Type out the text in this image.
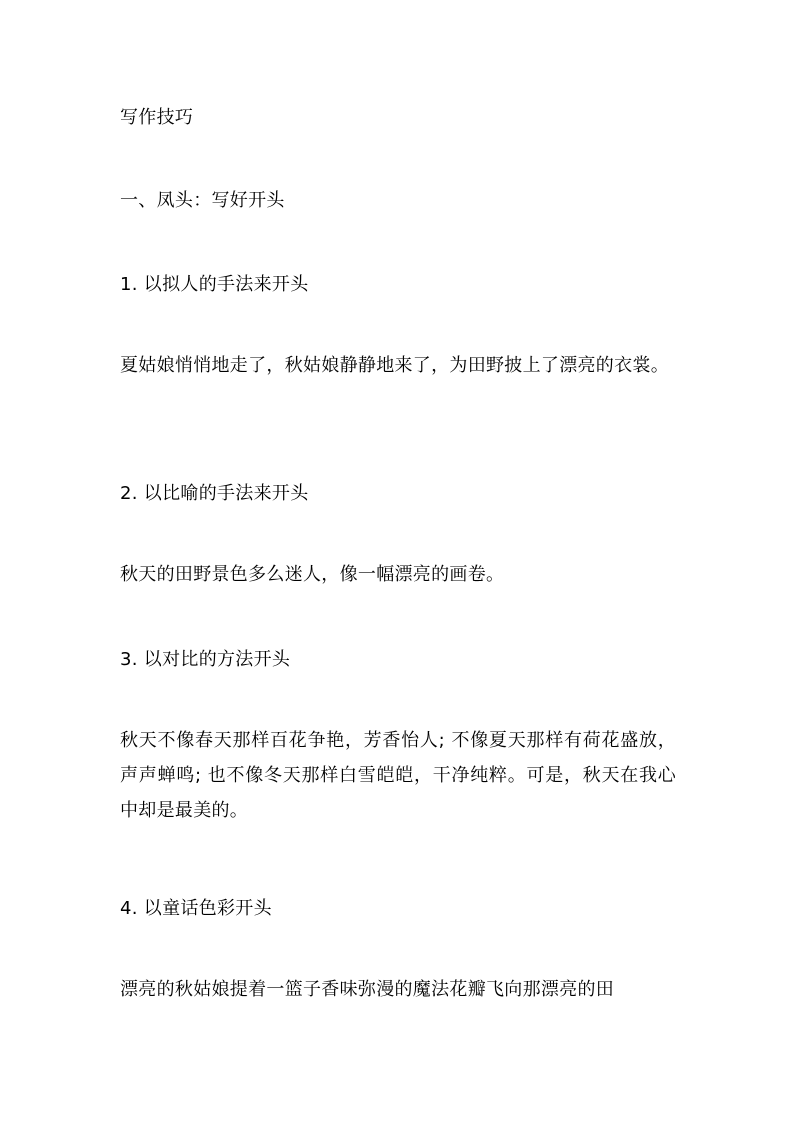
写作技巧
一、凤头：写好开头
1. 以拟人的手法来开头
夏姑娘悄悄地走了，秋姑娘静静地来了，为田野披上了漂亮的衣裳。
2. 以比喻的手法来开头
秋天的田野景色多么迷人，像一幅漂亮的画卷。
3. 以对比的方法开头
秋天不像春天那样百花争艳，芳香怡人; 不像夏天那样有荷花盛放，声声蝉鸣; 也不像冬天那样白雪皑皑，干净纯粹。可是，秋天在我心中却是最美的。
4. 以童话色彩开头
漂亮的秋姑娘提着一篮子香味弥漫的魔法花瓣飞向那漂亮的田
